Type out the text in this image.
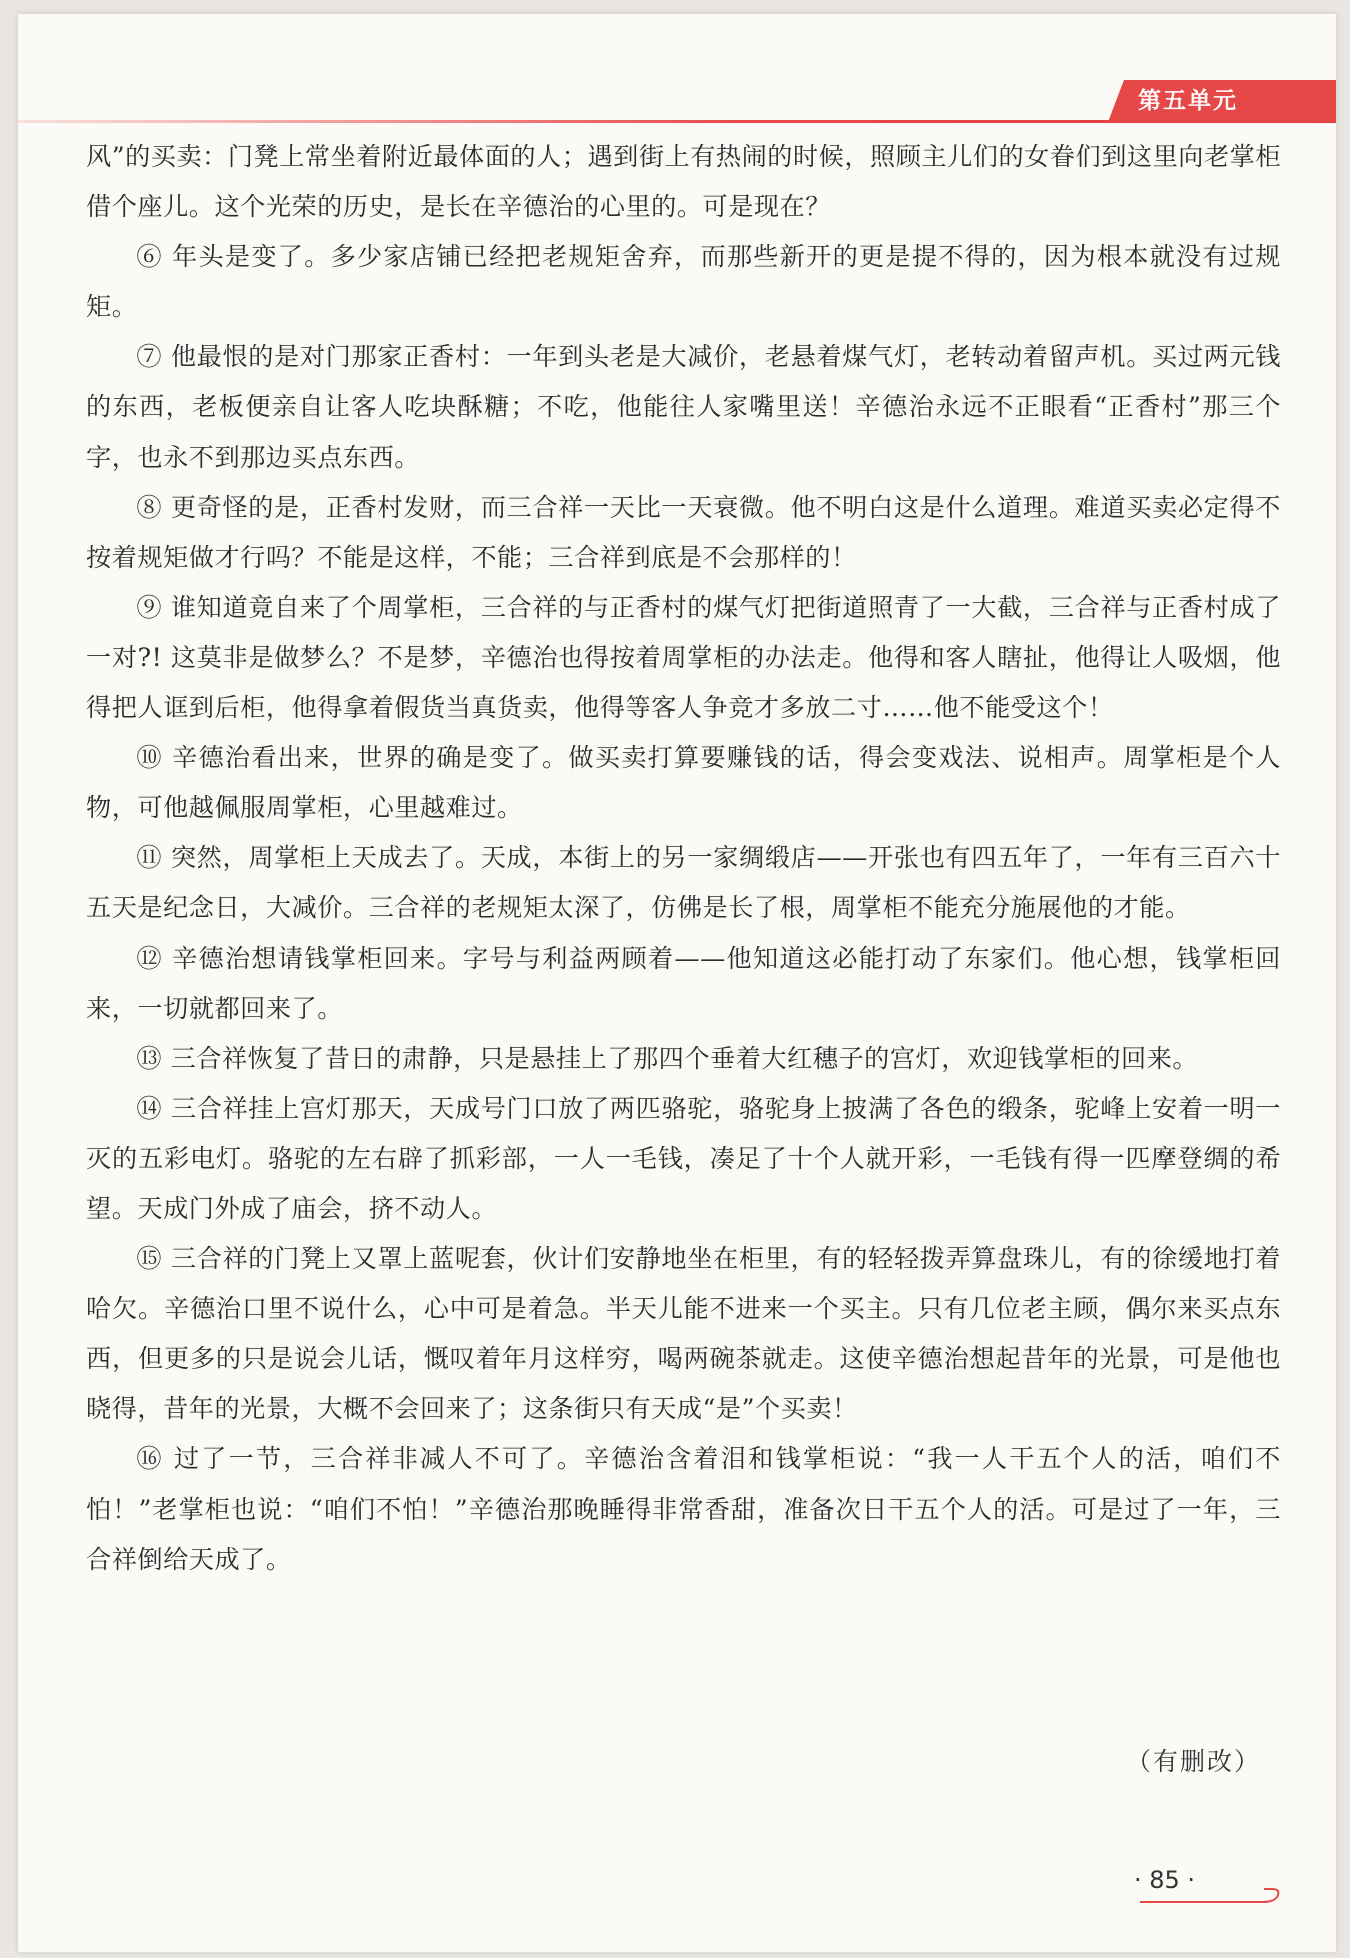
第五单元

风”的买卖：门凳上常坐着附近最体面的人；遇到街上有热闹的时候，照顾主儿们的女眷们到这里向老掌柜借个座儿。这个光荣的历史，是长在辛德治的心里的。可是现在？

⑥ 年头是变了。多少家店铺已经把老规矩舍弃，而那些新开的更是提不得的，因为根本就没有过规矩。

⑦ 他最恨的是对门那家正香村：一年到头老是大减价，老悬着煤气灯，老转动着留声机。买过两元钱的东西，老板便亲自让客人吃块酥糖；不吃，他能往人家嘴里送！辛德治永远不正眼看“正香村”那三个字，也永不到那边买点东西。

⑧ 更奇怪的是，正香村发财，而三合祥一天比一天衰微。他不明白这是什么道理。难道买卖必定得不按着规矩做才行吗？不能是这样，不能；三合祥到底是不会那样的！

⑨ 谁知道竟自来了个周掌柜，三合祥的与正香村的煤气灯把街道照青了一大截，三合祥与正香村成了一对?! 这莫非是做梦么？不是梦，辛德治也得按着周掌柜的办法走。他得和客人瞎扯，他得让人吸烟，他得把人诓到后柜，他得拿着假货当真货卖，他得等客人争竞才多放二寸……他不能受这个！

⑩ 辛德治看出来，世界的确是变了。做买卖打算要赚钱的话，得会变戏法、说相声。周掌柜是个人物，可他越佩服周掌柜，心里越难过。

⑪ 突然，周掌柜上天成去了。天成，本街上的另一家绸缎店——开张也有四五年了，一年有三百六十五天是纪念日，大减价。三合祥的老规矩太深了，仿佛是长了根，周掌柜不能充分施展他的才能。

⑫ 辛德治想请钱掌柜回来。字号与利益两顾着——他知道这必能打动了东家们。他心想，钱掌柜回来，一切就都回来了。

⑬ 三合祥恢复了昔日的肃静，只是悬挂上了那四个垂着大红穗子的宫灯，欢迎钱掌柜的回来。

⑭ 三合祥挂上宫灯那天，天成号门口放了两匹骆驼，骆驼身上披满了各色的缎条，驼峰上安着一明一灭的五彩电灯。骆驼的左右辟了抓彩部，一人一毛钱，凑足了十个人就开彩，一毛钱有得一匹摩登绸的希望。天成门外成了庙会，挤不动人。

⑮ 三合祥的门凳上又罩上蓝呢套，伙计们安静地坐在柜里，有的轻轻拨弄算盘珠儿，有的徐缓地打着哈欠。辛德治口里不说什么，心中可是着急。半天儿能不进来一个买主。只有几位老主顾，偶尔来买点东西，但更多的只是说会儿话，慨叹着年月这样穷，喝两碗茶就走。这使辛德治想起昔年的光景，可是他也晓得，昔年的光景，大概不会回来了；这条街只有天成“是”个买卖！

⑯ 过了一节，三合祥非减人不可了。辛德治含着泪和钱掌柜说：“我一人干五个人的活，咱们不怕！”老掌柜也说：“咱们不怕！”辛德治那晚睡得非常香甜，准备次日干五个人的活。可是过了一年，三合祥倒给天成了。

（有删改）
· 85 ·
